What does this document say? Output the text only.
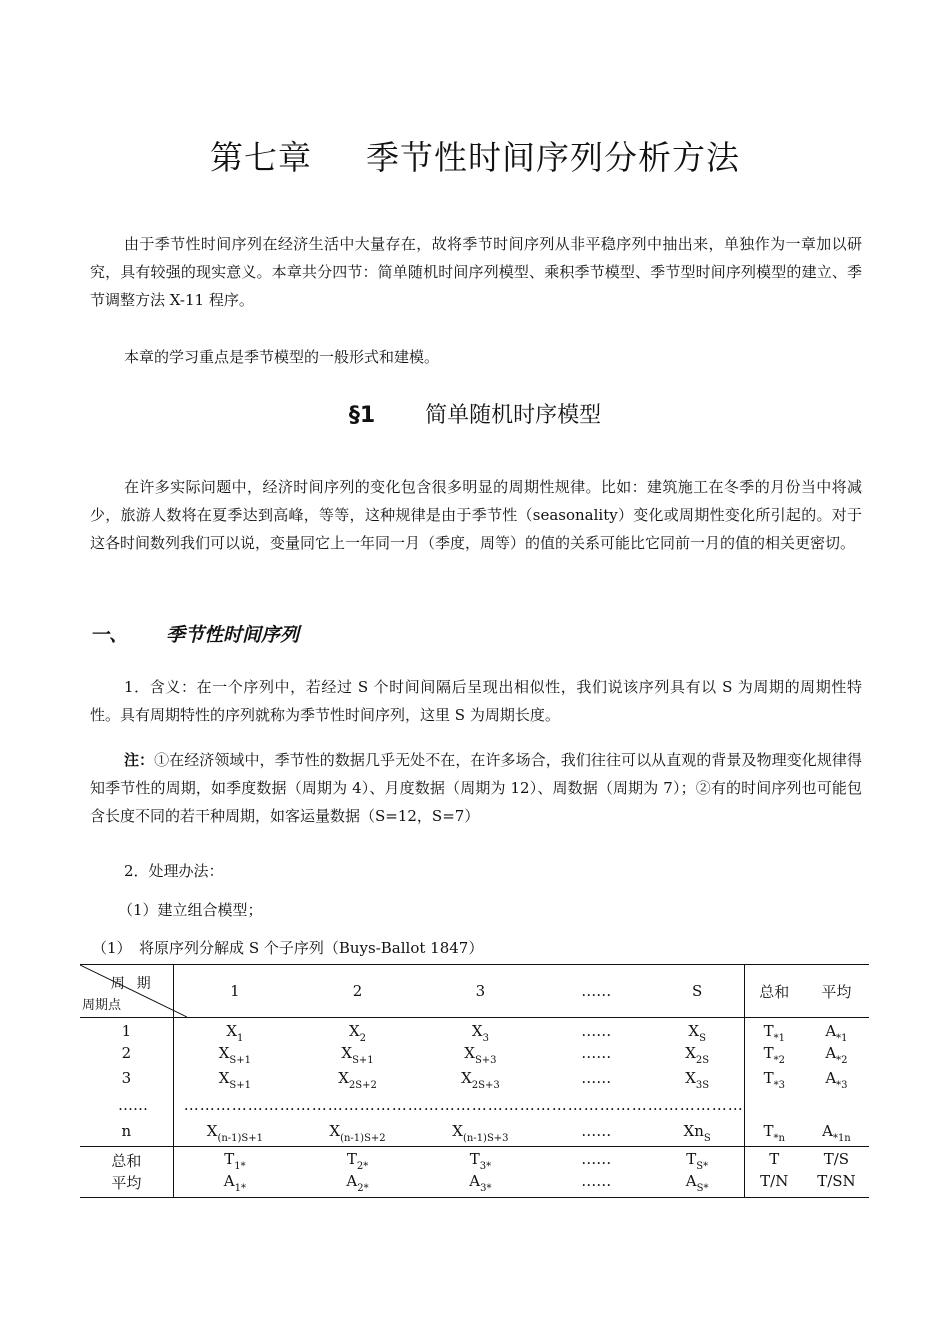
第七章 季节性时间序列分析方法

由于季节性时间序列在经济生活中大量存在，故将季节时间序列从非平稳序列中抽出来，单独作为一章加以研究，具有较强的现实意义。本章共分四节：简单随机时间序列模型、乘积季节模型、季节型时间序列模型的建立、季节调整方法 X-11 程序。

本章的学习重点是季节模型的一般形式和建模。

§1 简单随机时序模型

在许多实际问题中，经济时间序列的变化包含很多明显的周期性规律。比如：建筑施工在冬季的月份当中将减少，旅游人数将在夏季达到高峰，等等，这种规律是由于季节性（seasonality）变化或周期性变化所引起的。对于这各时间数列我们可以说，变量同它上一年同一月（季度，周等）的值的关系可能比它同前一月的值的相关更密切。

一、 季节性时间序列

1．含义：在一个序列中，若经过 S 个时间间隔后呈现出相似性，我们说该序列具有以 S 为周期的周期性特性。具有周期特性的序列就称为季节性时间序列，这里 S 为周期长度。

注：①在经济领域中，季节性的数据几乎无处不在，在许多场合，我们往往可以从直观的背景及物理变化规律得知季节性的周期，如季度数据（周期为 4）、月度数据（周期为 12）、周数据（周期为 7）；②有的时间序列也可能包含长度不同的若干种周期，如客运量数据（S=12，S=7）

2．处理办法：
（1）建立组合模型；
（1）　将原序列分解成 S 个子序列（Buys-Ballot 1847）
周期
周期点	1	2	3	……	S	总和	平均
1	$X_1$	$X_2$	$X_3$	……	$X_S$	$T_{*1}$	$A_{*1}$
2	$X_{S+1}$	$X_{S+1}$	$X_{S+3}$	……	$X_{2S}$	$T_{*2}$	$A_{*2}$
3	$X_{S+1}$	$X_{2S+2}$	$X_{2S+3}$	……	$X_{3S}$	$T_{*3}$	$A_{*3}$
……	……………………………………………………………………………………………						

n	$X_{(n-1)S+1}$	$X_{(n-1)S+2}$	$X_{(n-1)S+3}$	……	$Xn_S$	$T_{*n}$	$A_{*1n}$
总和	$T_{1*}$	$T_{2*}$	$T_{3*}$	……	$T_{S*}$	T	T/S
平均	$A_{1*}$	$A_{2*}$	$A_{3*}$	……	$A_{S*}$	T/N	T/SN
